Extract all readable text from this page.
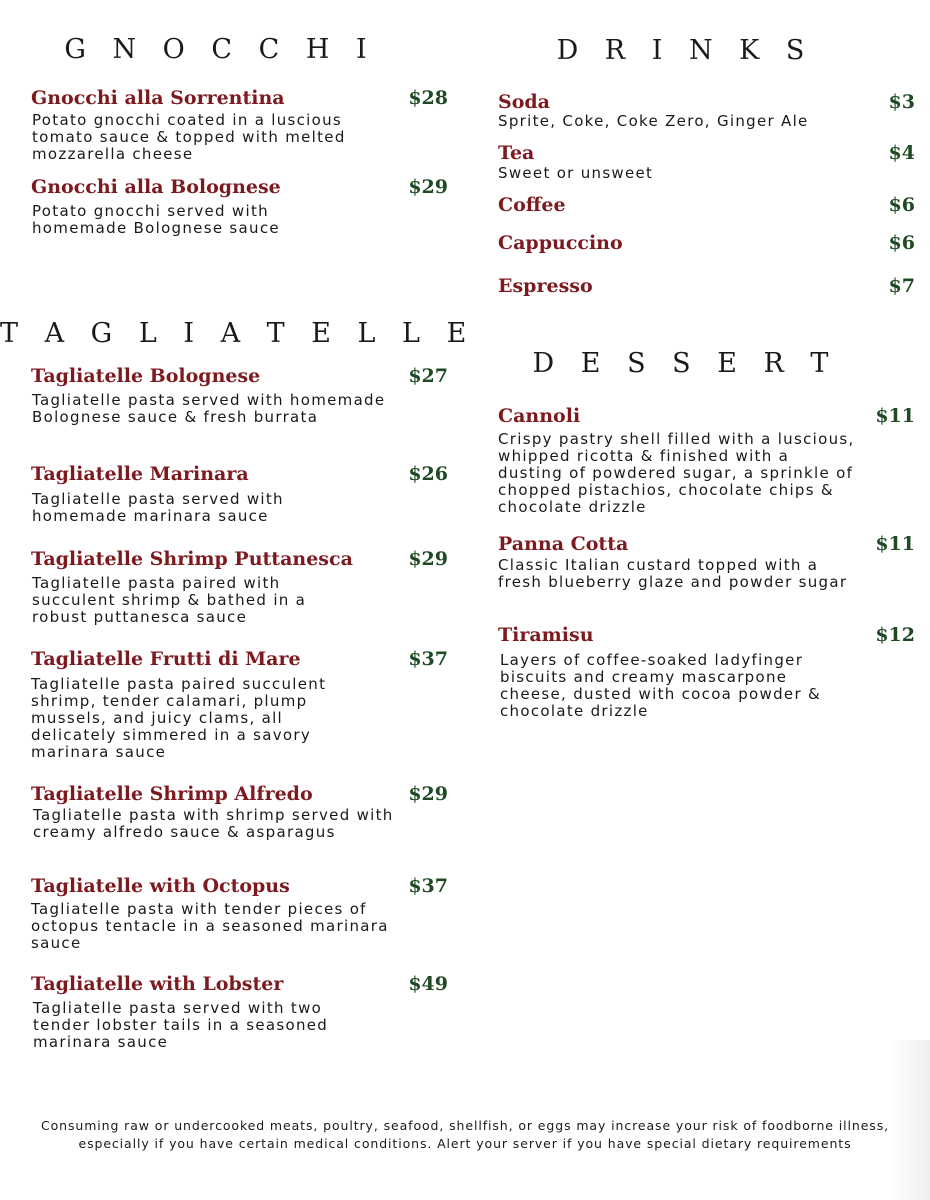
G N O C C H I
Gnocchi alla Sorrentina	$28
Potato gnocchi coated in a luscious tomato sauce & topped with melted mozzarella cheese
Gnocchi alla Bolognese	$29
Potato gnocchi served with homemade Bolognese sauce
T A G L I A T E L L E
Tagliatelle Bolognese	$27
Tagliatelle pasta served with homemade Bolognese sauce & fresh burrata
Tagliatelle Marinara	$26
Tagliatelle pasta served with homemade marinara sauce
Tagliatelle Shrimp Puttanesca	$29
Tagliatelle pasta paired with succulent shrimp & bathed in a robust puttanesca sauce
Tagliatelle Frutti di Mare	$37
Tagliatelle pasta paired succulent shrimp, tender calamari, plump mussels, and juicy clams, all delicately simmered in a savory marinara sauce
Tagliatelle Shrimp Alfredo	$29
Tagliatelle pasta with shrimp served with creamy alfredo sauce & asparagus
Tagliatelle with Octopus	$37
Tagliatelle pasta with tender pieces of octopus tentacle in a seasoned marinara sauce
Tagliatelle with Lobster	$49
Tagliatelle pasta served with two tender lobster tails in a seasoned marinara sauce
D R I N K S
Soda	$3
Sprite, Coke, Coke Zero, Ginger Ale
Tea	$4
Sweet or unsweet
Coffee	$6
Cappuccino	$6
Espresso	$7
D E S S E R T
Cannoli	$11
Crispy pastry shell filled with a luscious, whipped ricotta & finished with a dusting of powdered sugar, a sprinkle of chopped pistachios, chocolate chips & chocolate drizzle
Panna Cotta	$11
Classic Italian custard topped with a fresh blueberry glaze and powder sugar
Tiramisu	$12
Layers of coffee-soaked ladyfinger biscuits and creamy mascarpone cheese, dusted with cocoa powder & chocolate drizzle
Consuming raw or undercooked meats, poultry, seafood, shellfish, or eggs may increase your risk of foodborne illness,
especially if you have certain medical conditions. Alert your server if you have special dietary requirements
